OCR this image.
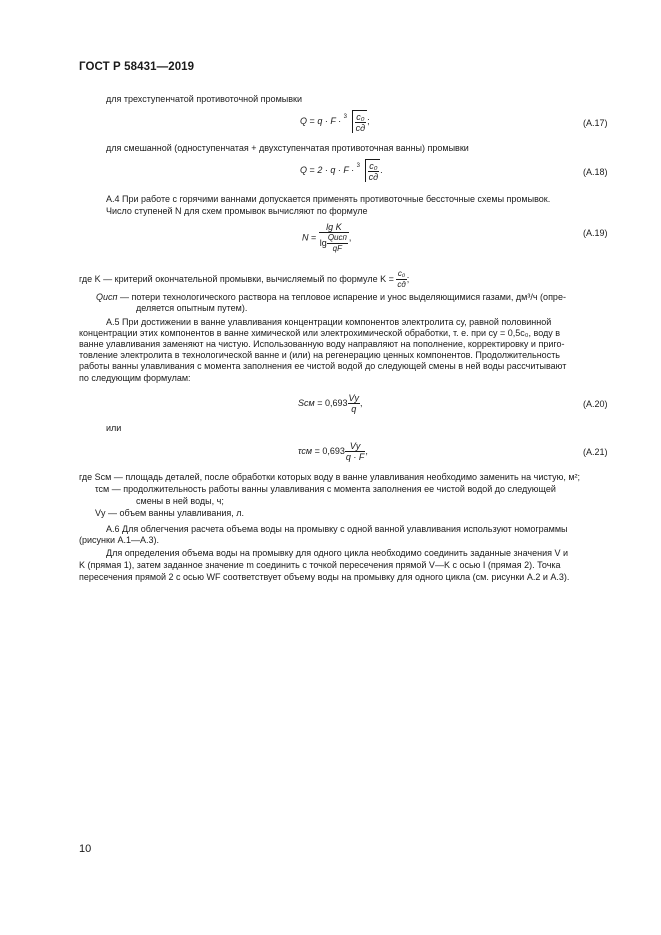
ГОСТ Р 58431—2019
для трехступенчатой противоточной промывки
$Q = q \cdot F \cdot 3 \frac{\text{c₀}}{cд}$ ;	(А.17)
для смешанной (одноступенчатая + двухступенчатая противоточная ванны) промывки
$Q = 2 \cdot q \cdot F \cdot 3 \frac{\text{c₀}}{cд}$ .	(А.18)
А.4 При работе с горячими ваннами допускается применять противоточные бессточные схемы промывок.
Число ступеней N для схем промывок вычисляют по формуле
$N = \frac{\text{lg K}}{\lg \frac{\text{Qисп}}{qF}}$ ,	(А.19)
где K — критерий окончательной промывки, вычисляемый по формуле $K = \frac{\text{c₀}}{cд}$ ;
Qисп — потери технологического раствора на тепловое испарение и унос выделяющимися газами, дм³/ч (опре-
деляется опытным путем).
А.5 При достижении в ванне улавливания концентрации компонентов электролита cу, равной половинной
концентрации этих компонентов в ванне химической или электрохимической обработки, т. е. при cу = 0,5c₀, воду в
ванне улавливания заменяют на чистую. Использованную воду направляют на пополнение, корректировку и приго-
товление электролита в технологической ванне и (или) на регенерацию ценных компонентов. Продолжительность
работы ванны улавливания с момента заполнения ее чистой водой до следующей смены в ней воды рассчитывают
по следующим формулам:
Sсм = $0,693 \frac{Vу}{q}$ ,	(А.20)
или
$\tau см = 0,693 \frac{Vу}{q \cdot F}$ ,	(А.21)
где Sсм — площадь деталей, после обработки которых воду в ванне улавливания необходимо заменить на чистую, м²;
τсм — продолжительность работы ванны улавливания с момента заполнения ее чистой водой до следующей
смены в ней воды, ч;
Vу — объем ванны улавливания, л.
А.6 Для облегчения расчета объема воды на промывку с одной ванной улавливания используют номограммы
(рисунки А.1—А.3).
Для определения объема воды на промывку для одного цикла необходимо соединить заданные значения V и
K (прямая 1), затем заданное значение m соединить с точкой пересечения прямой V—K с осью I (прямая 2). Точка
пересечения прямой 2 с осью WF соответствует объему воды на промывку для одного цикла (см. рисунки А.2 и А.3).
10
